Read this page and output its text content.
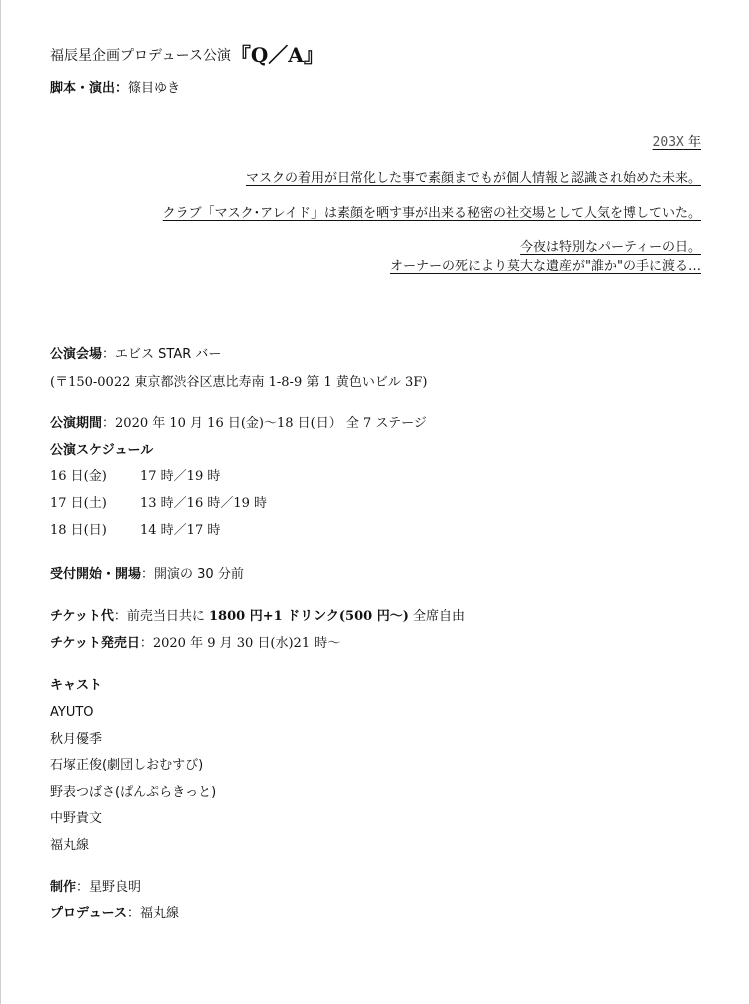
福辰星企画プロデュース公演『Q／A』
脚本・演出：篠目ゆき
203X 年
マスクの着用が日常化した事で素顔までもが個人情報と認識され始めた未来。
クラブ「マスク･アレイド」は素顔を晒す事が出来る秘密の社交場として人気を博していた。
今夜は特別なパーティーの日。
オーナーの死により莫大な遺産が"誰か"の手に渡る…
公演会場：エビス STAR バー
(〒150-0022 東京都渋谷区恵比寿南 1-8-9 第 1 黄色いビル 3F)
公演期間：2020 年 10 月 16 日(金)〜18 日(日） 全 7 ステージ
公演スケジュール
16 日(金)	17 時／19 時
17 日(土)	13 時／16 時／19 時
18 日(日)	14 時／17 時
受付開始・開場：開演の 30 分前
チケット代：前売当日共に 1800 円+1 ドリンク(500 円〜) 全席自由
チケット発売日：2020 年 9 月 30 日(水)21 時〜
キャスト
AYUTO
秋月優季
石塚正俊(劇団しおむすび)
野表つばさ(ぱんぷらきっと)
中野貴文
福丸線
制作：星野良明
プロデュース：福丸線
